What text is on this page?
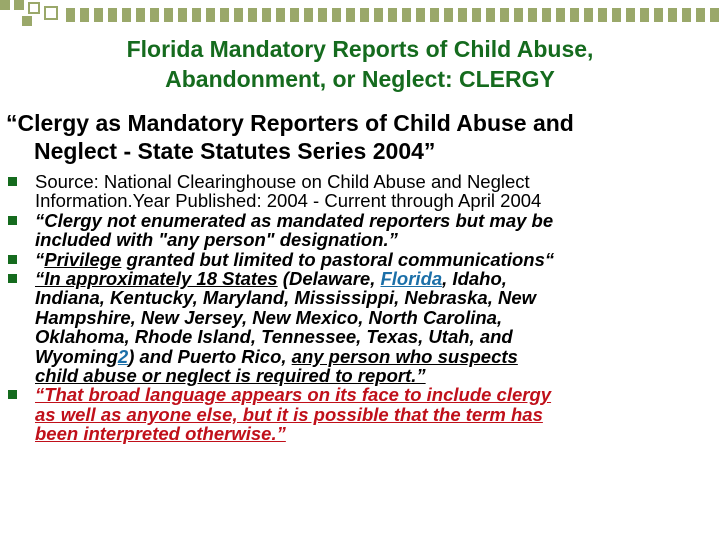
Florida Mandatory Reports of Child Abuse,
Abandonment, or Neglect: CLERGY
“Clergy as Mandatory Reporters of Child Abuse and
Neglect - State Statutes Series 2004”
Source: National Clearinghouse on Child Abuse and Neglect
Information.Year Published: 2004 - Current through April 2004
“Clergy not enumerated as mandated reporters but may be
included with "any person" designation.”
“Privilege granted but limited to pastoral communications“
“In approximately 18 States (Delaware, Florida, Idaho,
Indiana, Kentucky, Maryland, Mississippi, Nebraska, New
Hampshire, New Jersey, New Mexico, North Carolina,
Oklahoma, Rhode Island, Tennessee, Texas, Utah, and
Wyoming2) and Puerto Rico, any person who suspects
child abuse or neglect is required to report.”
“That broad language appears on its face to include clergy
as well as anyone else, but it is possible that the term has
been interpreted otherwise.”
